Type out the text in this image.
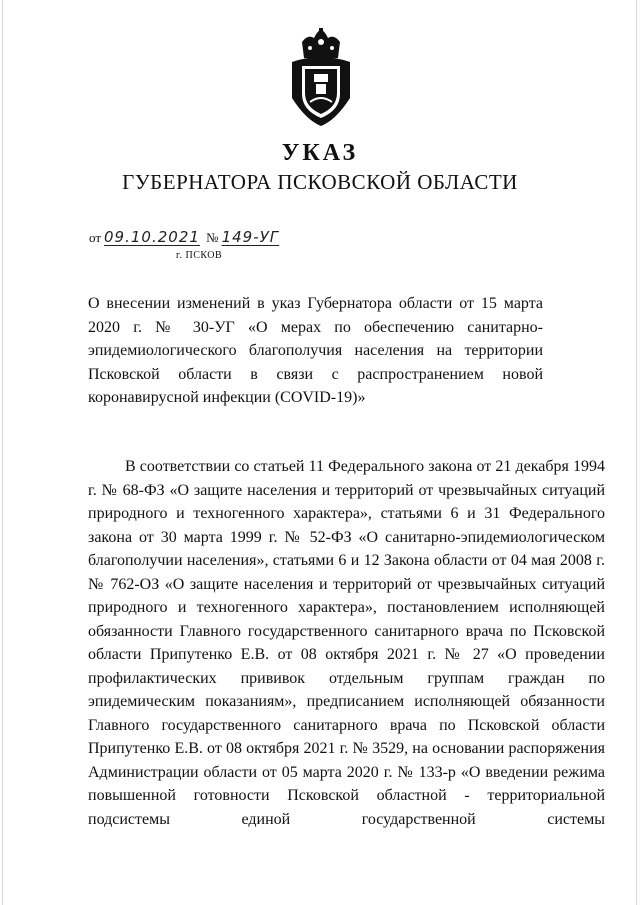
УКАЗ
ГУБЕРНАТОРА ПСКОВСКОЙ ОБЛАСТИ
от 09.10.2021 № 149-УГ
г. ПСКОВ
О внесении изменений в указ Губернатора области от 15 марта 2020 г. № 30-УГ «О мерах по обеспечению санитарно-эпидемиологического благополучия населения на территории Псковской области в связи с распространением новой коронавирусной инфекции (COVID-19)»
В соответствии со статьей 11 Федерального закона от 21 декабря 1994 г. № 68-ФЗ «О защите населения и территорий от чрезвычайных ситуаций природного и техногенного характера», статьями 6 и 31 Федерального закона от 30 марта 1999 г. № 52-ФЗ «О санитарно-эпидемиологическом благополучии населения», статьями 6 и 12 Закона области от 04 мая 2008 г. № 762-ОЗ «О защите населения и территорий от чрезвычайных ситуаций природного и техногенного характера», постановлением исполняющей обязанности Главного государственного санитарного врача по Псковской области Припутенко Е.В. от 08 октября 2021 г. № 27 «О проведении профилактических прививок отдельным группам граждан по эпидемическим показаниям», предписанием исполняющей обязанности Главного государственного санитарного врача по Псковской области Припутенко Е.В. от 08 октября 2021 г. № 3529, на основании распоряжения Администрации области от 05 марта 2020 г. № 133-р «О введении режима повышенной готовности Псковской областной - территориальной подсистемы единой государственной системы
